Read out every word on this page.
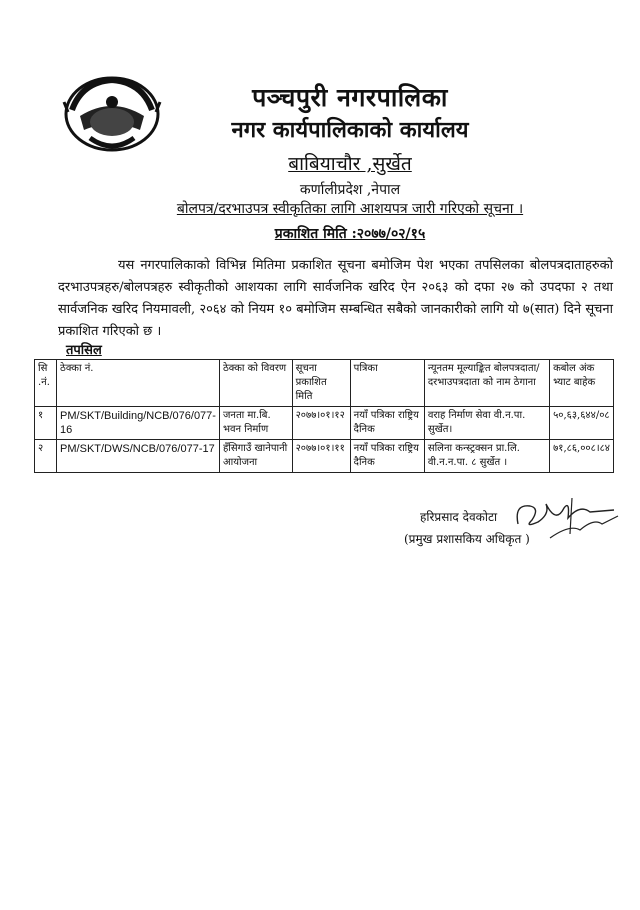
पञ्चपुरी नगरपालिका
नगर कार्यपालिकाको कार्यालय
बाबियाचौर ,सुर्खेत
कर्णालीप्रदेश ,नेपाल
बोलपत्र/दरभाउपत्र स्वीकृतिका लागि आशयपत्र जारी गरिएको सूचना ।
प्रकाशित मिति :२०७७/०२/१५
यस नगरपालिकाको विभिन्न मितिमा प्रकाशित सूचना बमोजिम पेश भएका तपसिलका बोलपत्रदाताहरुको दरभाउपत्रहरु/बोलपत्रहरु स्वीकृतीको आशयका लागि सार्वजनिक खरिद ऐन २०६३ को दफा २७ को उपदफा २ तथा सार्वजनिक खरिद नियमावली, २०६४ को नियम १० बमोजिम सम्बन्धित सबैको जानकारीको लागि यो ७(सात) दिने सूचना प्रकाशित गरिएको छ ।
तपसिल
सि .नं.	ठेक्का नं.	ठेक्का को विवरण	सूचना प्रकाशित मिति	पत्रिका	न्यूनतम मूल्याङ्कित बोलपत्रदाता/दरभाउपत्रदाता को नाम ठेगाना	कबोल अंक भ्याट बाहेक
१	PM/SKT/Building/NCB/076/077-16	जनता मा.बि. भवन निर्माण	२०७७।०१।१२	नयाँ पत्रिका राष्ट्रिय दैनिक	वराह निर्माण सेवा वी.न.पा. सुर्खेत।	५०,६३,६४४/०८
२	PM/SKT/DWS/NCB/076/077-17	हँसिगाउँ खानेपानी आयोजना	२०७७।०१।११	नयाँ पत्रिका राष्ट्रिय दैनिक	सलिना कन्स्ट्रक्सन प्रा.लि. वी.न.न.पा. ८ सुर्खेत ।	७१,८६,००८।८४
हरिप्रसाद देवकोटा
(प्रमुख प्रशासकिय अधिकृत )
